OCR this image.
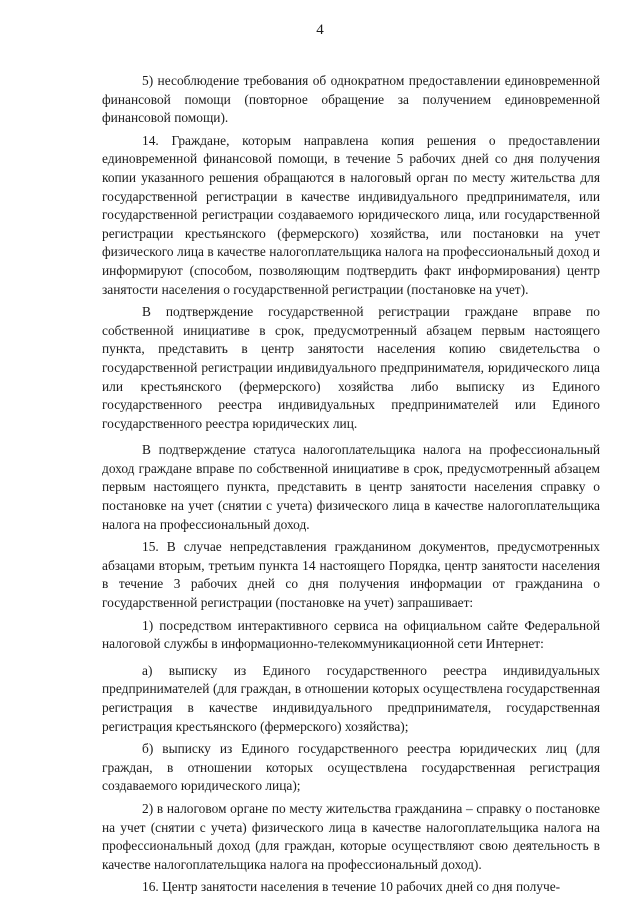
4

5) несоблюдение требования об однократном предоставлении единовременной финансовой помощи (повторное обращение за получением единовременной финансовой помощи).

14. Граждане, которым направлена копия решения о предоставлении единовременной финансовой помощи, в течение 5 рабочих дней со дня получения копии указанного решения обращаются в налоговый орган по месту жительства для государственной регистрации в качестве индивидуального предпринимателя, или государственной регистрации создаваемого юридического лица, или государственной регистрации крестьянского (фермерского) хозяйства, или постановки на учет физического лица в качестве налогоплательщика налога на профессиональный доход и информируют (способом, позволяющим подтвердить факт информирования) центр занятости населения о государственной регистрации (постановке на учет).

В подтверждение государственной регистрации граждане вправе по собственной инициативе в срок, предусмотренный абзацем первым настоящего пункта, представить в центр занятости населения копию свидетельства о государственной регистрации индивидуального предпринимателя, юридического лица или крестьянского (фермерского) хозяйства либо выписку из Единого государственного реестра индивидуальных предпринимателей или Единого государственного реестра юридических лиц.

В подтверждение статуса налогоплательщика налога на профессиональный доход граждане вправе по собственной инициативе в срок, предусмотренный абзацем первым настоящего пункта, представить в центр занятости населения справку о постановке на учет (снятии с учета) физического лица в качестве налогоплательщика налога на профессиональный доход.

15. В случае непредставления гражданином документов, предусмотренных абзацами вторым, третьим пункта 14 настоящего Порядка, центр занятости населения в течение 3 рабочих дней со дня получения информации от гражданина о государственной регистрации (постановке на учет) запрашивает:

1) посредством интерактивного сервиса на официальном сайте Федеральной налоговой службы в информационно-телекоммуникационной сети Интернет:

а) выписку из Единого государственного реестра индивидуальных предпринимателей (для граждан, в отношении которых осуществлена государственная регистрация в качестве индивидуального предпринимателя, государственная регистрация крестьянского (фермерского) хозяйства);

б) выписку из Единого государственного реестра юридических лиц (для граждан, в отношении которых осуществлена государственная регистрация создаваемого юридического лица);

2) в налоговом органе по месту жительства гражданина – справку о постановке на учет (снятии с учета) физического лица в качестве налогоплательщика налога на профессиональный доход (для граждан, которые осуществляют свою деятельность в качестве налогоплательщика налога на профессиональный доход).

16. Центр занятости населения в течение 10 рабочих дней со дня получе-
